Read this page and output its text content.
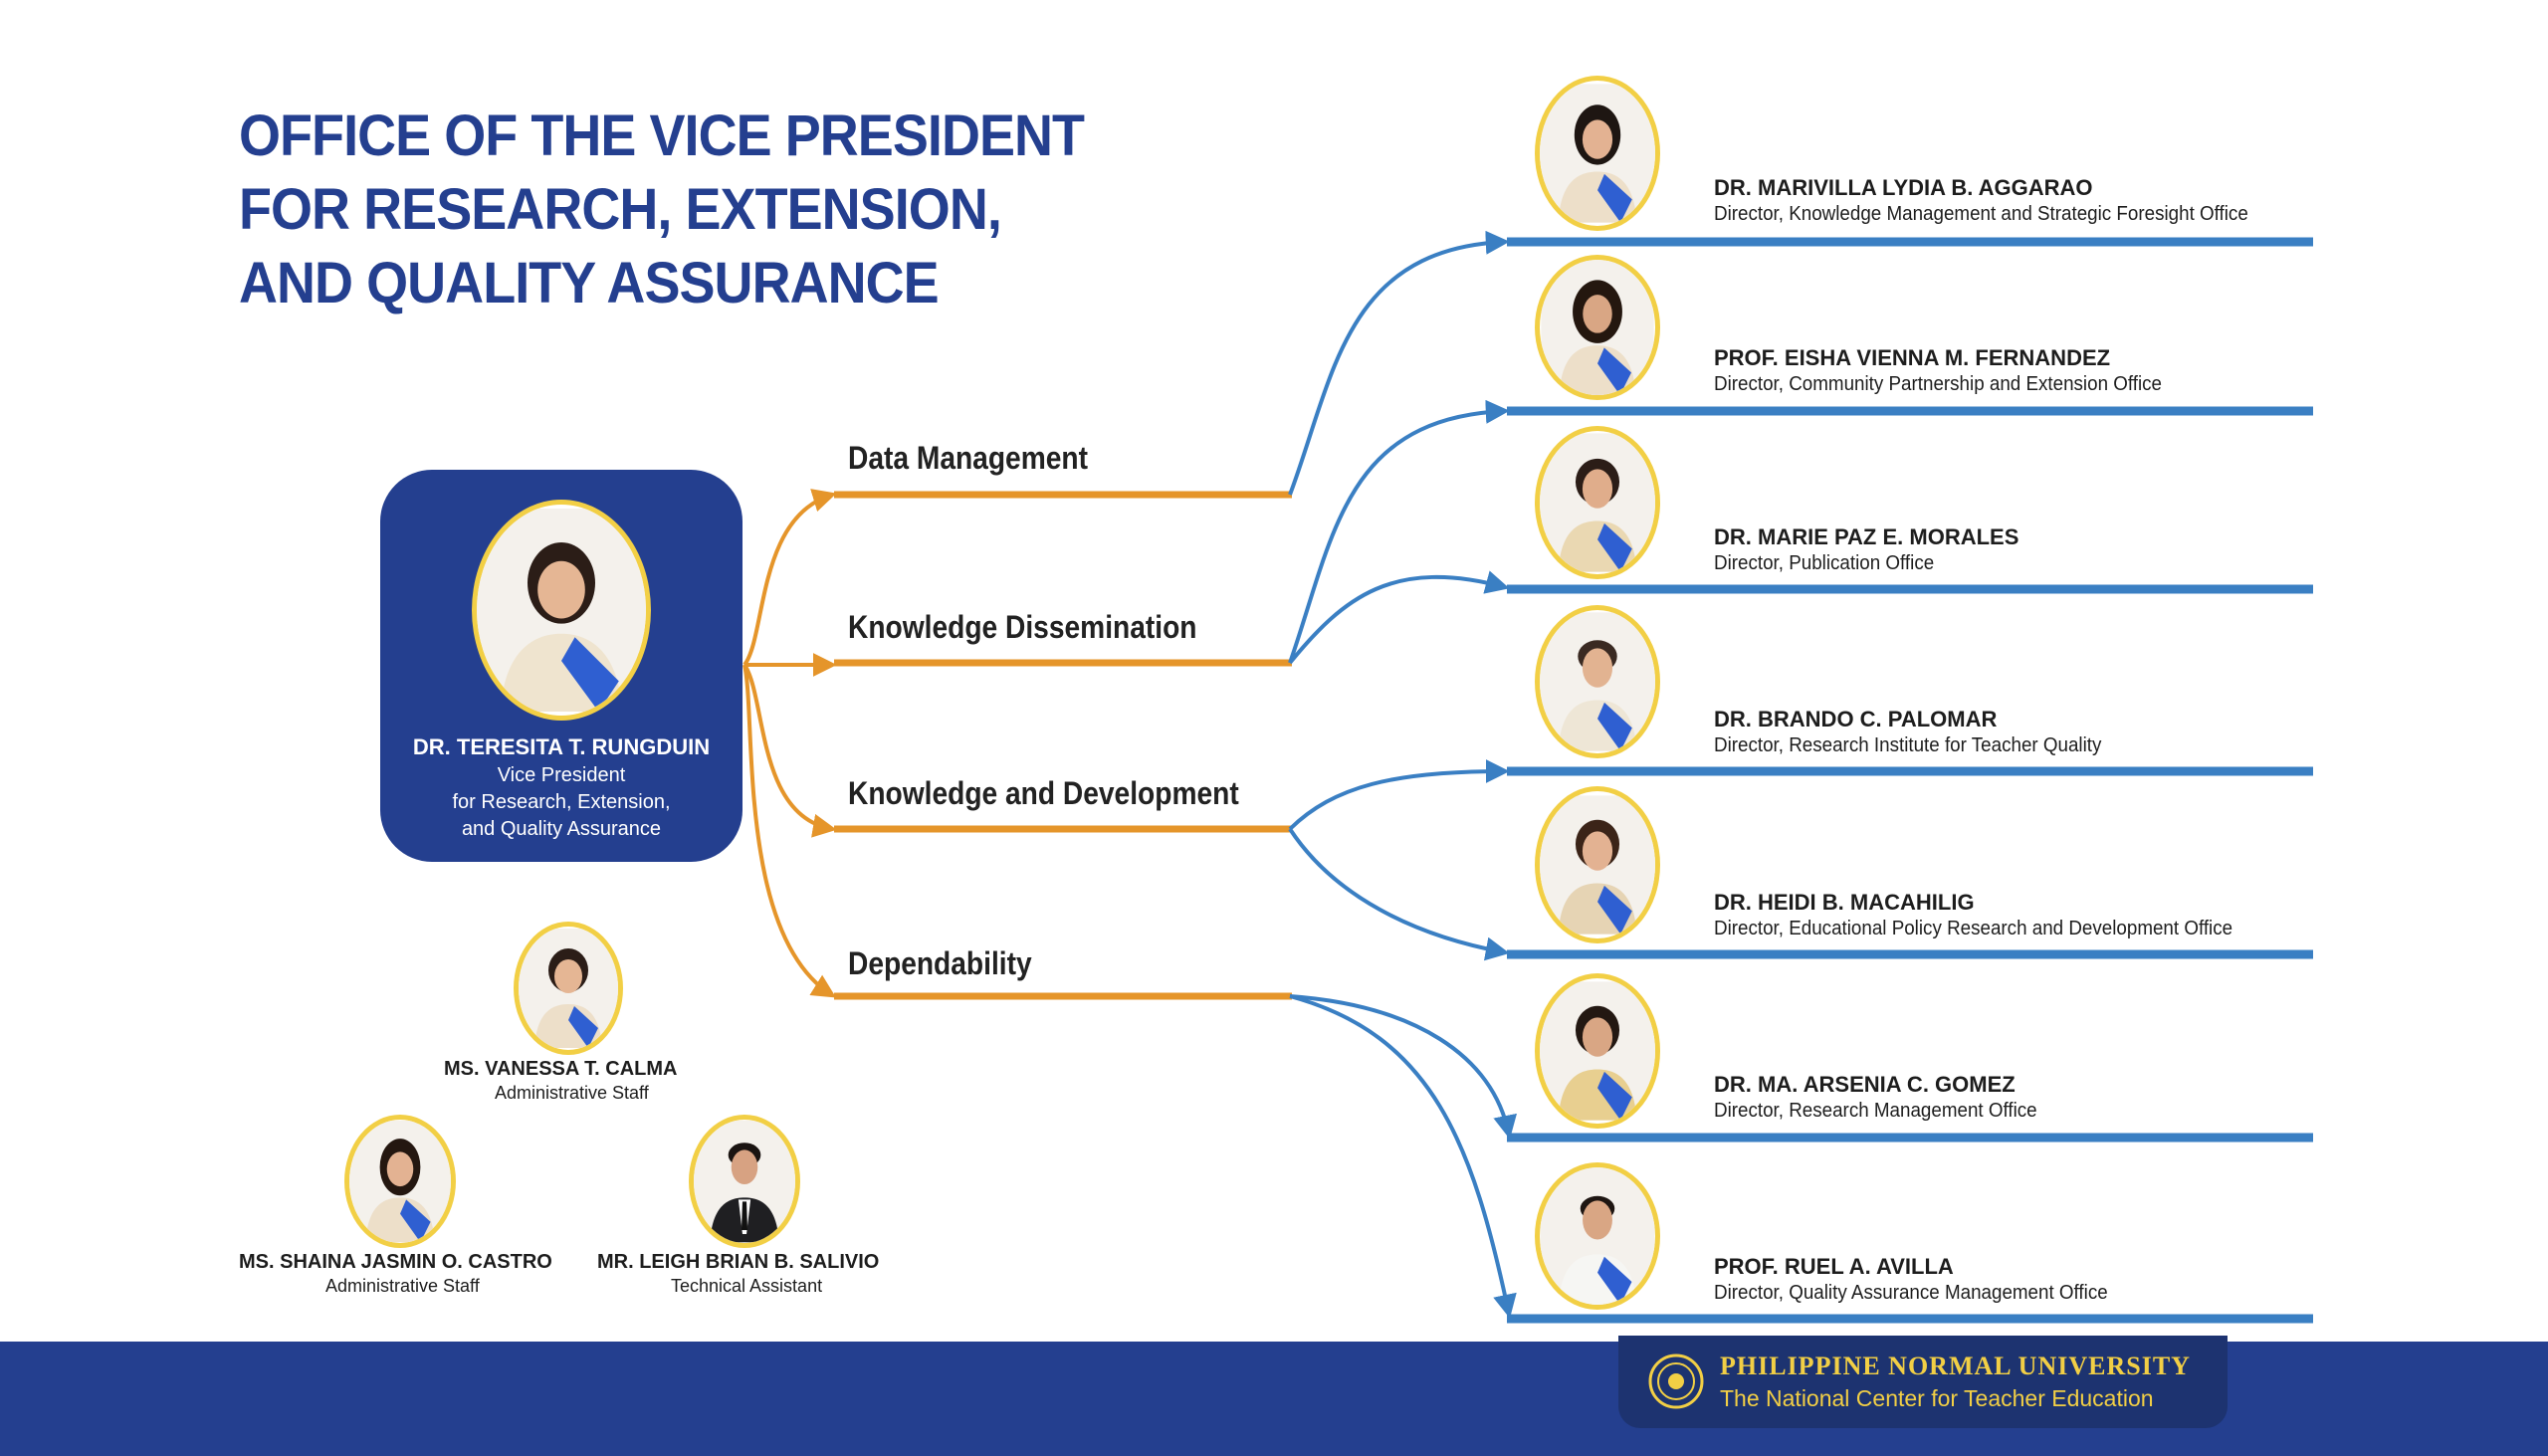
OFFICE OF THE VICE PRESIDENT
FOR RESEARCH, EXTENSION,
AND QUALITY ASSURANCE
DR. TERESITA T. RUNGDUIN
Vice President
for Research, Extension,
and Quality Assurance
Data Management
Knowledge Dissemination
Knowledge and Development
Dependability
DR. MARIVILLA LYDIA B. AGGARAO
Director, Knowledge Management and Strategic Foresight Office
PROF. EISHA VIENNA M. FERNANDEZ
Director, Community Partnership and Extension Office
DR. MARIE PAZ E. MORALES
Director, Publication Office
DR. BRANDO C. PALOMAR
Director, Research Institute for Teacher Quality
DR. HEIDI B. MACAHILIG
Director, Educational Policy Research and Development Office
DR. MA. ARSENIA C. GOMEZ
Director, Research Management Office
PROF. RUEL A. AVILLA
Director, Quality Assurance Management Office
MS. VANESSA T. CALMA
Administrative Staff
MS. SHAINA JASMIN O. CASTRO
Administrative Staff
MR. LEIGH BRIAN B. SALIVIO
Technical Assistant
PHILIPPINE NORMAL UNIVERSITY
The National Center for Teacher Education
